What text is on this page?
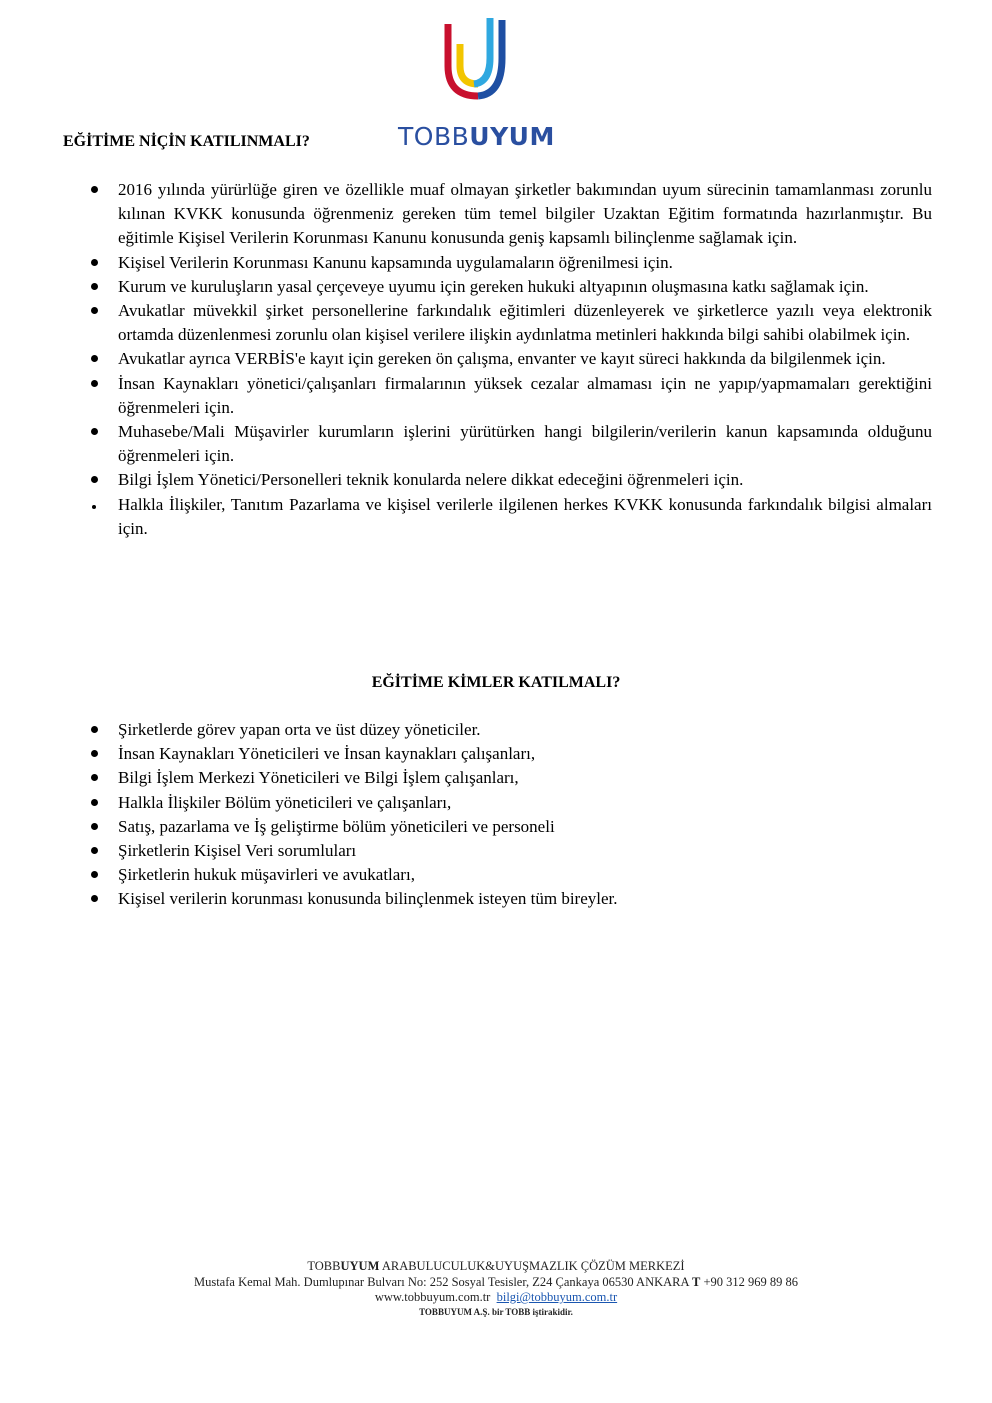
TOBBUYUM
EĞİTİME NİÇİN KATILINMALI?
2016 yılında yürürlüğe giren ve özellikle muaf olmayan şirketler bakımından uyum sürecinin tamamlanması zorunlu kılınan KVKK konusunda öğrenmeniz gereken tüm temel bilgiler Uzaktan Eğitim formatında hazırlanmıştır. Bu eğitimle Kişisel Verilerin Korunması Kanunu konusunda geniş kapsamlı bilinçlenme sağlamak için.
Kişisel Verilerin Korunması Kanunu kapsamında uygulamaların öğrenilmesi için.
Kurum ve kuruluşların yasal çerçeveye uyumu için gereken hukuki altyapının oluşmasına katkı sağlamak için.
Avukatlar müvekkil şirket personellerine farkındalık eğitimleri düzenleyerek ve şirketlerce yazılı veya elektronik ortamda düzenlenmesi zorunlu olan kişisel verilere ilişkin aydınlatma metinleri hakkında bilgi sahibi olabilmek için.
Avukatlar ayrıca VERBİS'e kayıt için gereken ön çalışma, envanter ve kayıt süreci hakkında da bilgilenmek için.
İnsan Kaynakları yönetici/çalışanları firmalarının yüksek cezalar almaması için ne yapıp/yapmamaları gerektiğini öğrenmeleri için.
Muhasebe/Mali Müşavirler kurumların işlerini yürütürken hangi bilgilerin/verilerin kanun kapsamında olduğunu öğrenmeleri için.
Bilgi İşlem Yönetici/Personelleri teknik konularda nelere dikkat edeceğini öğrenmeleri için.
Halkla İlişkiler, Tanıtım Pazarlama ve kişisel verilerle ilgilenen herkes KVKK konusunda farkındalık bilgisi almaları için.
EĞİTİME KİMLER KATILMALI?
Şirketlerde görev yapan orta ve üst düzey yöneticiler.
İnsan Kaynakları Yöneticileri ve İnsan kaynakları çalışanları,
Bilgi İşlem Merkezi Yöneticileri ve Bilgi İşlem çalışanları,
Halkla İlişkiler Bölüm yöneticileri ve çalışanları,
Satış, pazarlama ve İş geliştirme bölüm yöneticileri ve personeli
Şirketlerin Kişisel Veri sorumluları
Şirketlerin hukuk müşavirleri ve avukatları,
Kişisel verilerin korunması konusunda bilinçlenmek isteyen tüm bireyler.
TOBBUYUM ARABULUCULUK&UYUŞMAZLIK ÇÖZÜM MERKEZİ
Mustafa Kemal Mah. Dumlupınar Bulvarı No: 252 Sosyal Tesisler, Z24 Çankaya 06530 ANKARA T +90 312 969 89 86
www.tobbuyum.com.tr bilgi@tobbuyum.com.tr
TOBBUYUM A.Ş. bir TOBB iştirakidir.
